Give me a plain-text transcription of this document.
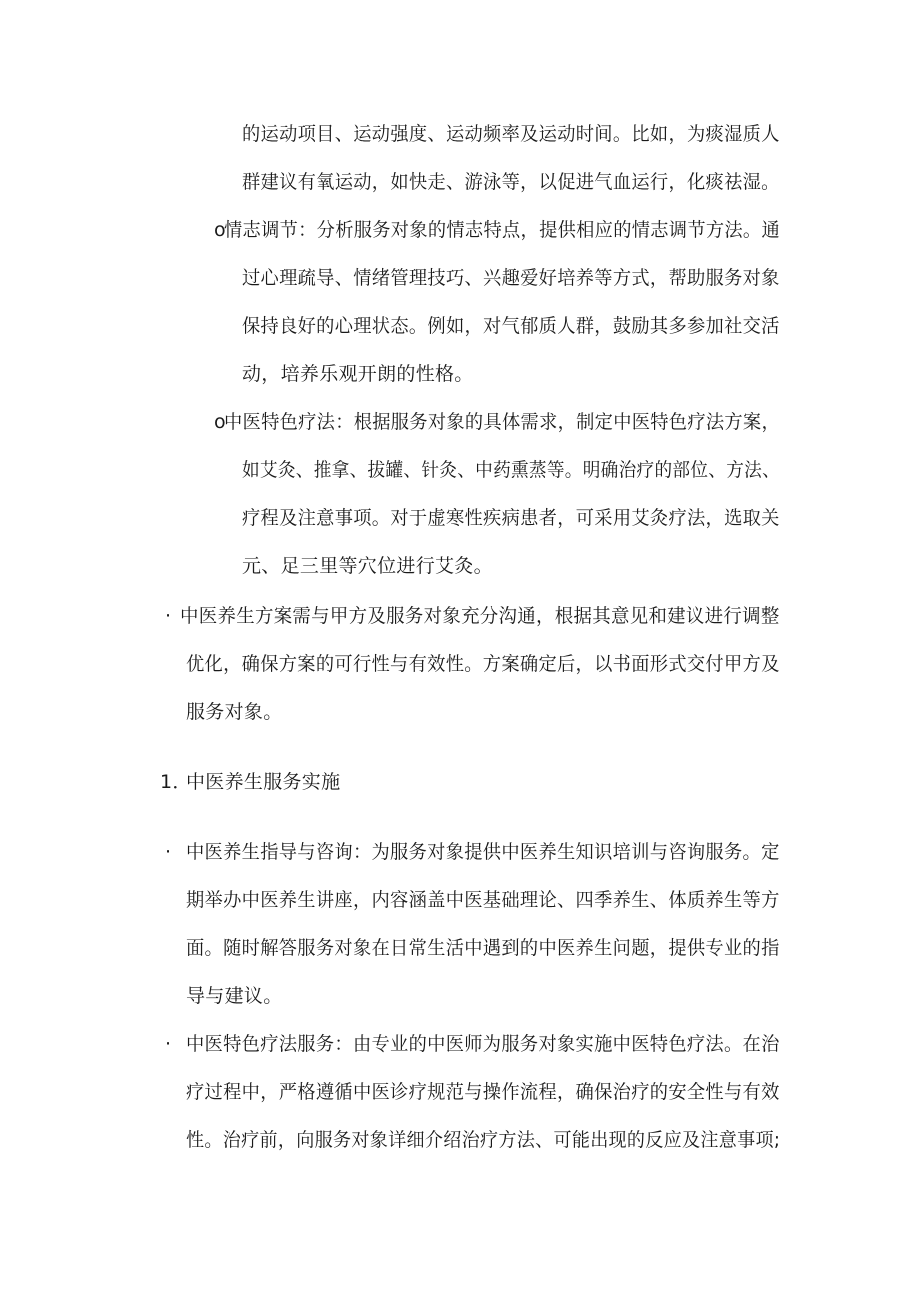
的运动项目、运动强度、运动频率及运动时间。比如，为痰湿质人
群建议有氧运动，如快走、游泳等，以促进气血运行，化痰祛湿。
o
情志调节：分析服务对象的情志特点，提供相应的情志调节方法。通
过心理疏导、情绪管理技巧、兴趣爱好培养等方式，帮助服务对象
保持良好的心理状态。例如，对气郁质人群，鼓励其多参加社交活
动，培养乐观开朗的性格。
o
中医特色疗法：根据服务对象的具体需求，制定中医特色疗法方案，
如艾灸、推拿、拔罐、针灸、中药熏蒸等。明确治疗的部位、方法、
疗程及注意事项。对于虚寒性疾病患者，可采用艾灸疗法，选取关
元、足三里等穴位进行艾灸。
· 中医养生方案需与甲方及服务对象充分沟通，根据其意见和建议进行调整
优化，确保方案的可行性与有效性。方案确定后，以书面形式交付甲方及
服务对象。
1．
中医养生服务实施
· 中医养生指导与咨询：为服务对象提供中医养生知识培训与咨询服务。定
期举办中医养生讲座，内容涵盖中医基础理论、四季养生、体质养生等方
面。随时解答服务对象在日常生活中遇到的中医养生问题，提供专业的指
导与建议。
· 中医特色疗法服务：由专业的中医师为服务对象实施中医特色疗法。在治
疗过程中，严格遵循中医诊疗规范与操作流程，确保治疗的安全性与有效
性。治疗前，向服务对象详细介绍治疗方法、可能出现的反应及注意事项;
